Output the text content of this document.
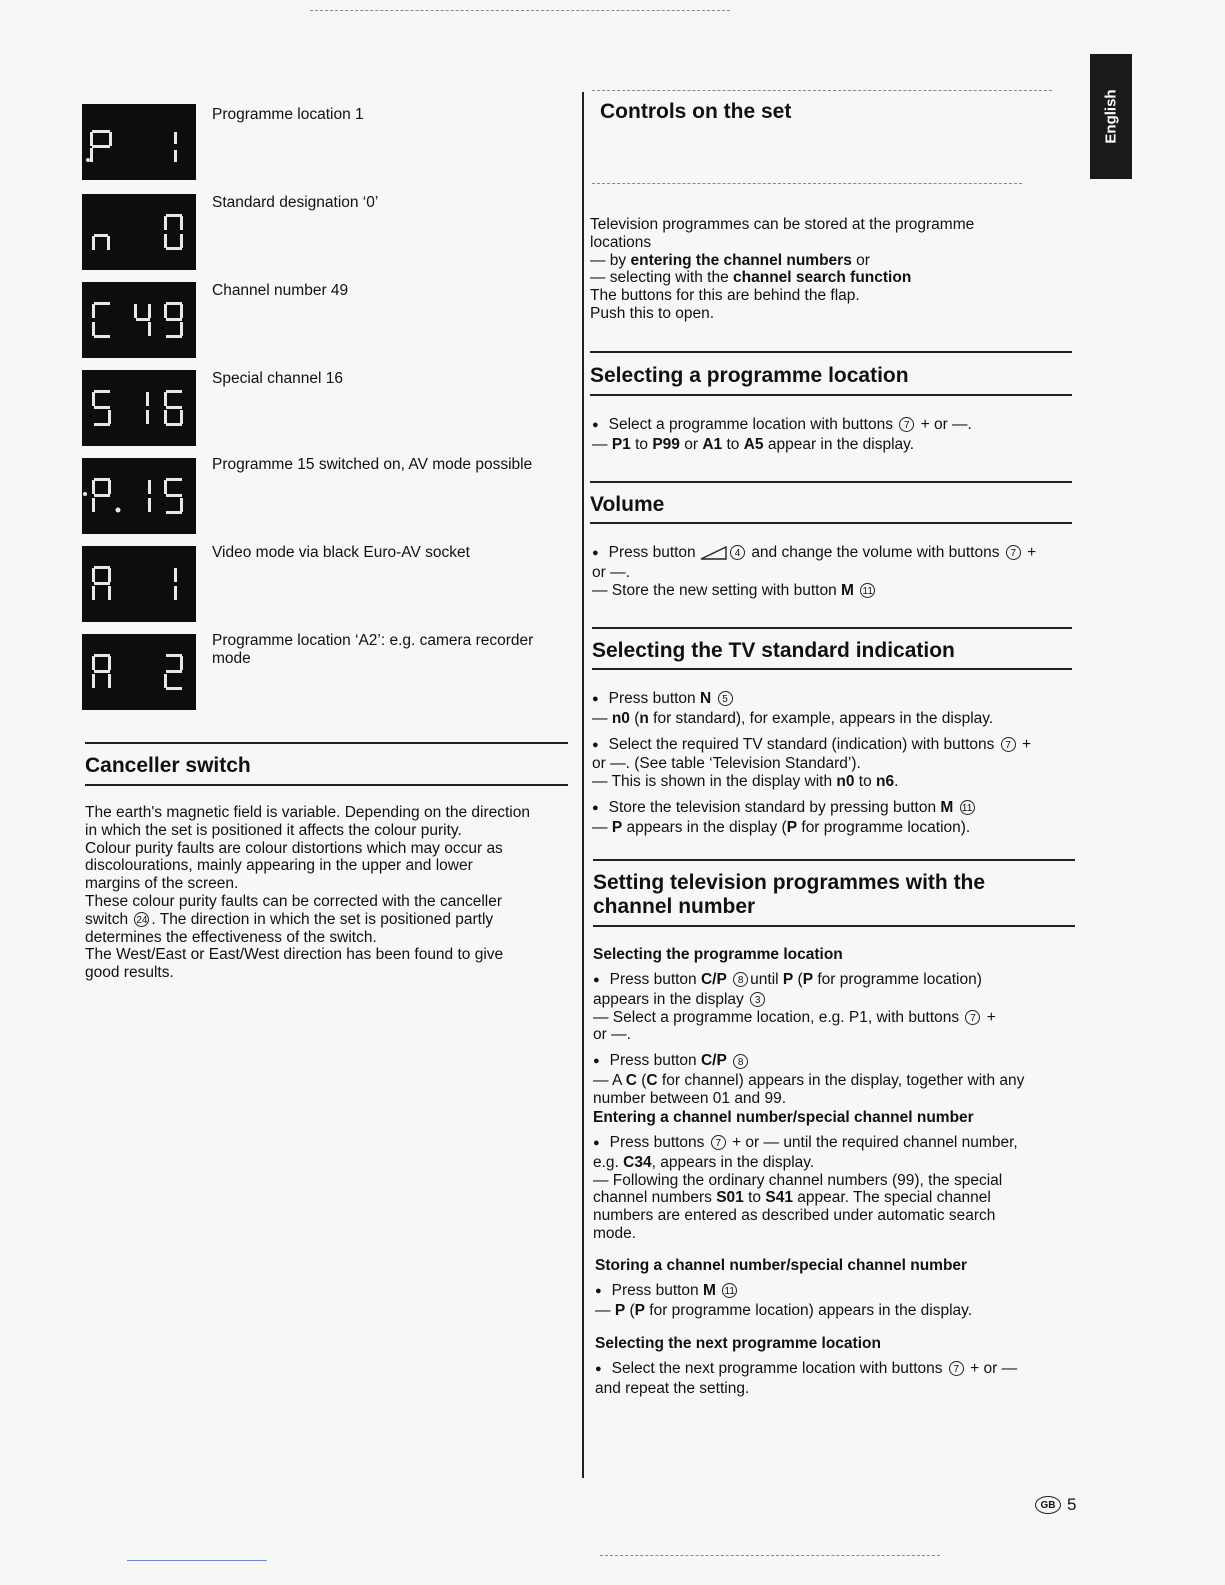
English
Programme location 1
Standard designation ‘0’
Channel number 49
Special channel 16
Programme 15 switched on, AV mode possible
Video mode via black Euro-AV socket
Programme location ‘A2’: e.g. camera recorder mode
Canceller switch
The earth's magnetic field is variable. Depending on the direction
in which the set is positioned it affects the colour purity.
Colour purity faults are colour distortions which may occur as
discolourations, mainly appearing in the upper and lower
margins of the screen.
These colour purity faults can be corrected with the canceller
switch 24 . The direction in which the set is positioned partly
determines the effectiveness of the switch.
The West/East or East/West direction has been found to give
good results.
Controls on the set
Television programmes can be stored at the programme
locations
— by entering the channel numbers or
— selecting with the channel search function
The buttons for this are behind the flap.
Push this to open.
Selecting a programme location
● Select a programme location with buttons 7 + or —.
— P1 to P99 or A1 to A5 appear in the display.
Volume
● Press button	4 and change the volume with buttons 7 +
or —.
— Store the new setting with button M 11
Selecting the TV standard indication
● Press button N 5
— n0 (n for standard), for example, appears in the display.
● Select the required TV standard (indication) with buttons 7 +
or —. (See table ‘Television Standard’).
— This is shown in the display with n0 to n6.
● Store the television standard by pressing button M 11
— P appears in the display (P for programme location).
Setting television programmes with the
channel number
Selecting the programme location
● Press button C/P 8 until P (P for programme location)
appears in the display 3
— Select a programme location, e.g. P1, with buttons 7 +
or —.
● Press button C/P 8
— A C (C for channel) appears in the display, together with any
number between 01 and 99.
Entering a channel number/special channel number
● Press buttons 7 + or — until the required channel number,
e.g. C34, appears in the display.
— Following the ordinary channel numbers (99), the special
channel numbers S01 to S41 appear. The special channel
numbers are entered as described under automatic search
mode.
Storing a channel number/special channel number
● Press button M 11
— P (P for programme location) appears in the display.
Selecting the next programme location
● Select the next programme location with buttons 7 + or —
and repeat the setting.
GB 5
